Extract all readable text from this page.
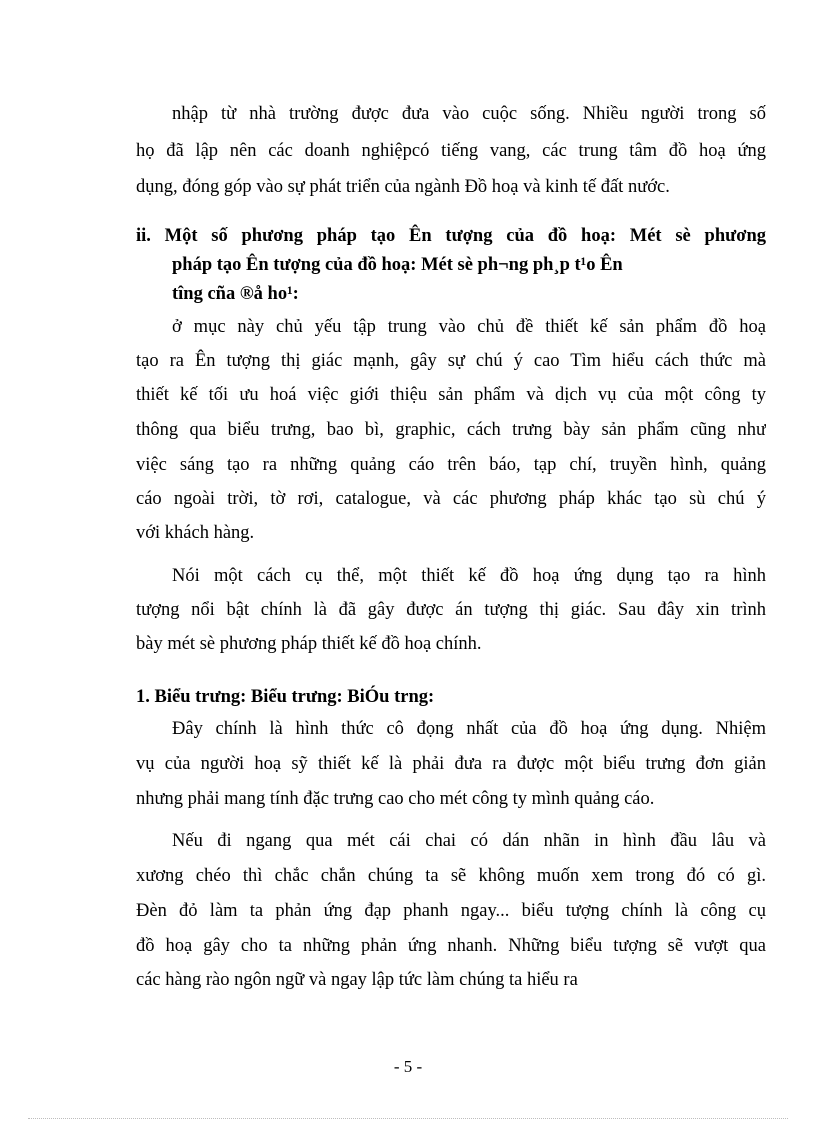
nhập từ nhà trường được đưa vào cuộc sống. Nhiều người trong số
họ đã lập nên các doanh nghiệpcó tiếng vang, các trung tâm đồ hoạ ứng
dụng, đóng góp vào sự phát triển của ngành Đồ hoạ và kinh tế đất nước.
ii. Một số phương pháp tạo Ên tượng của đồ hoạ: Mét sè phương
pháp tạo Ên tượng của đồ hoạ: Mét sè ph¬ng ph¸p t¹o Ên
tîng cña ®å ho¹:
ở mục này chủ yếu tập trung vào chủ đề thiết kế sản phẩm đồ hoạ
tạo ra Ên tượng thị giác mạnh, gây sự chú ý cao Tìm hiểu cách thức mà
thiết kế tối ưu hoá việc giới thiệu sản phẩm và dịch vụ của một công ty
thông qua biểu trưng, bao bì, graphic, cách trưng bày sản phẩm cũng như
việc sáng tạo ra những quảng cáo trên báo, tạp chí, truyền hình, quảng
cáo ngoài trời, tờ rơi, catalogue, và các phương pháp khác tạo sù chú ý
với khách hàng.
Nói một cách cụ thể, một thiết kế đồ hoạ ứng dụng tạo ra hình
tượng nổi bật chính là đã gây được án tượng thị giác. Sau đây xin trình
bày mét sè phương pháp thiết kế đồ hoạ chính.
1. Biểu trưng: Biểu trưng: BiÓu trng:
Đây chính là hình thức cô đọng nhất của đồ hoạ ứng dụng. Nhiệm
vụ của người hoạ sỹ thiết kế là phải đưa ra được một biểu trưng đơn giản
nhưng phải mang tính đặc trưng cao cho mét công ty mình quảng cáo.
Nếu đi ngang qua mét cái chai có dán nhãn in hình đầu lâu và
xương chéo thì chắc chắn chúng ta sẽ không muốn xem trong đó có gì.
Đèn đỏ làm ta phản ứng đạp phanh ngay... biểu tượng chính là công cụ
đồ hoạ gây cho ta những phản ứng nhanh. Những biểu tượng sẽ vượt qua
các hàng rào ngôn ngữ và ngay lập tức làm chúng ta hiểu ra
- 5 -
